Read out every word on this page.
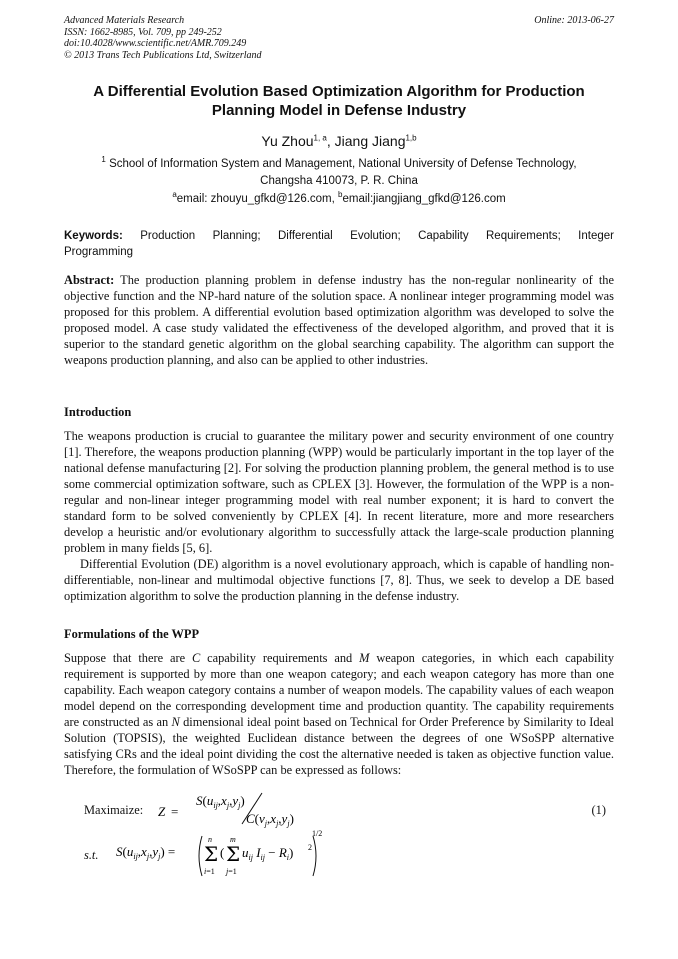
Advanced Materials Research
ISSN: 1662-8985, Vol. 709, pp 249-252
doi:10.4028/www.scientific.net/AMR.709.249
© 2013 Trans Tech Publications Ltd, Switzerland
Online: 2013-06-27
A Differential Evolution Based Optimization Algorithm for Production
Planning Model in Defense Industry
Yu Zhou$^{1, a}$, Jiang Jiang$^{1,b}$
$^1$ School of Information System and Management, National University of Defense Technology,
Changsha 410073, P. R. China
$^a$email: zhouyu_gfkd@126.com, $^b$email:jiangjiang_gfkd@126.com
Keywords: Production Planning; Differential Evolution; Capability Requirements; Integer
Programming

Abstract: The production planning problem in defense industry has the non-regular nonlinearity of the objective function and the NP-hard nature of the solution space. A nonlinear integer programming model was proposed for this problem. A differential evolution based optimization algorithm was developed to solve the proposed model. A case study validated the effectiveness of the developed algorithm, and proved that it is superior to the standard genetic algorithm on the global searching capability. The algorithm can support the weapons production planning, and also can be applied to other industries.

Introduction

The weapons production is crucial to guarantee the military power and security environment of one country [1]. Therefore, the weapons production planning (WPP) would be particularly important in the top layer of the national defense manufacturing [2]. For solving the production planning problem, the general method is to use some commercial optimization software, such as CPLEX [3]. However, the formulation of the WPP is a non-regular and non-linear integer programming model with real number exponent; it is hard to convert the standard form to be solved conveniently by CPLEX [4]. In recent literature, more and more researchers develop a heuristic and/or evolutionary algorithm to successfully attack the large-scale production planning problem in many fields [5, 6].

Differential Evolution (DE) algorithm is a novel evolutionary approach, which is capable of handling non-differentiable, non-linear and multimodal objective functions [7, 8]. Thus, we seek to develop a DE based optimization algorithm to solve the production planning in the defense industry.

Formulations of the WPP

Suppose that there are C capability requirements and M weapon categories, in which each capability requirement is supported by more than one weapon category; and each weapon category has more than one capability. Each weapon category contains a number of weapon models. The capability values of each weapon model depend on the corresponding development time and production quantity. The capability requirements are constructed as an N dimensional ideal point based on Technical for Order Preference by Similarity to Ideal Solution (TOPSIS), the weighted Euclidean distance between the degrees of one WSoSPP alternative satisfying CRs and the ideal point dividing the cost the alternative needed is taken as objective function value. Therefore, the formulation of WSoSPP can be expressed as follows:

Maximaize: Z =
$S(u_{ij},x_j,y_j)$
$C(v_j,x_j,y_j)$
(1)
s.t. $S(u_{ij},x_j,y_j) = \Sigma$
n
i=1
( Σ
m
j=1
$u_{ij}$ $I_{ij} - R_i$) 2
1/2
